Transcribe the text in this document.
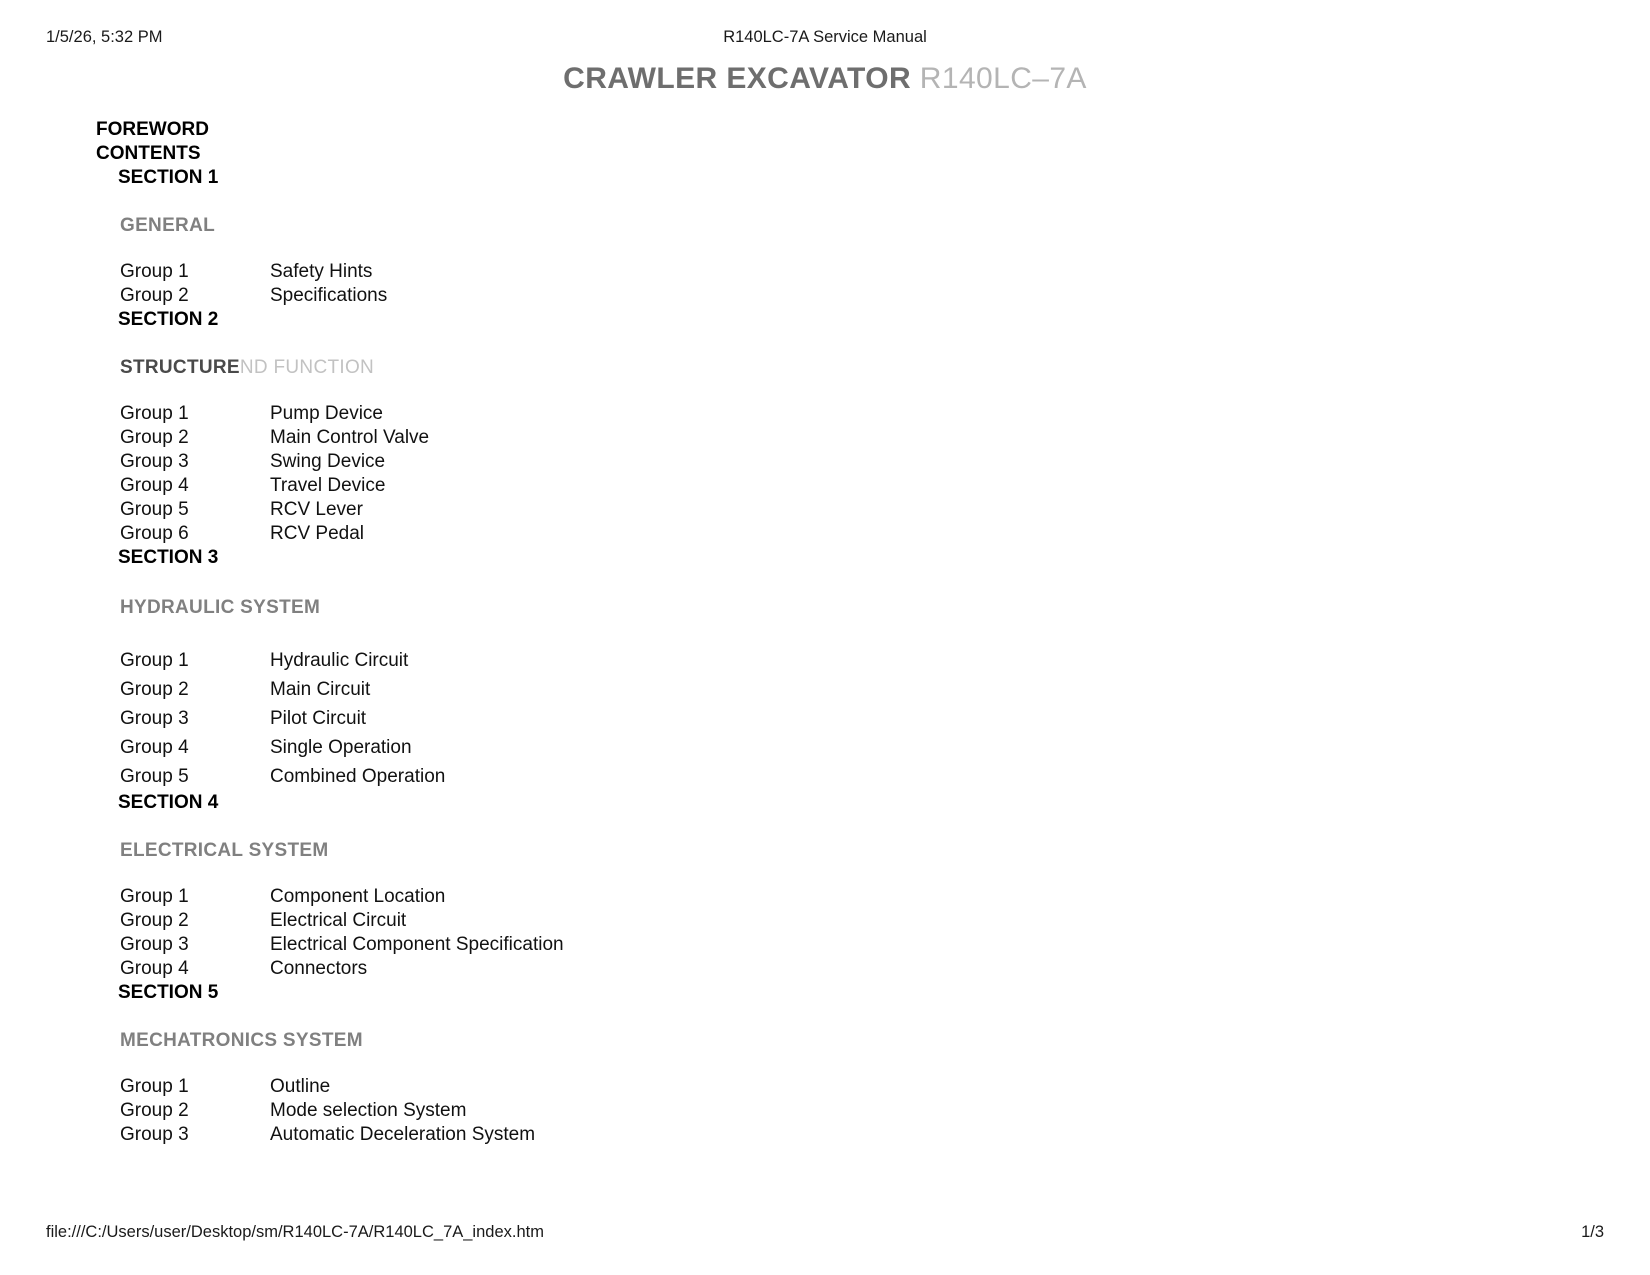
1/5/26, 5:32 PM	R140LC-7A Service Manual
CRAWLER EXCAVATOR R140LC–7A
FOREWORD
CONTENTS
SECTION 1
GENERAL
Group 1	Safety Hints
Group 2	Specifications
SECTION 2
STRUCTUREND FUNCTION
Group 1	Pump Device
Group 2	Main Control Valve
Group 3	Swing Device
Group 4	Travel Device
Group 5	RCV Lever
Group 6	RCV Pedal
SECTION 3
HYDRAULIC SYSTEM
Group 1	Hydraulic Circuit
Group 2	Main Circuit
Group 3	Pilot Circuit
Group 4	Single Operation
Group 5	Combined Operation
SECTION 4
ELECTRICAL SYSTEM
Group 1	Component Location
Group 2	Electrical Circuit
Group 3	Electrical Component Specification
Group 4	Connectors
SECTION 5
MECHATRONICS SYSTEM
Group 1	Outline
Group 2	Mode selection System
Group 3	Automatic Deceleration System
file:///C:/Users/user/Desktop/sm/R140LC-7A/R140LC_7A_index.htm	1/3
